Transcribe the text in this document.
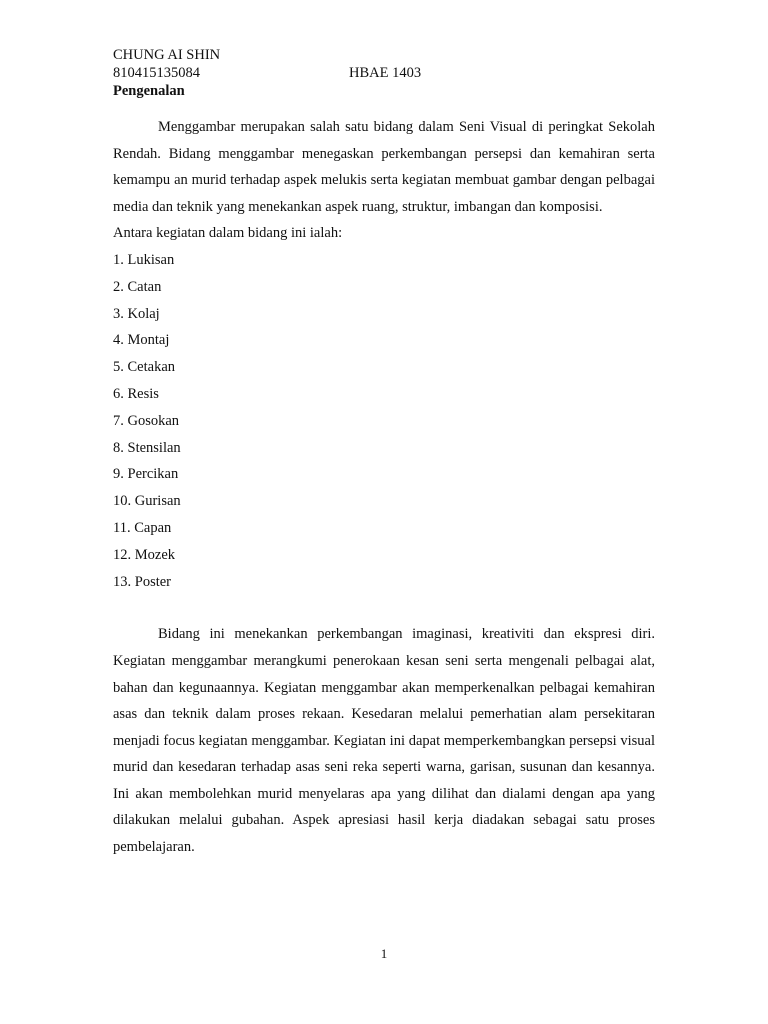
CHUNG AI SHIN
810415135084	HBAE 1403
Pengenalan

Menggambar merupakan salah satu bidang dalam Seni Visual di peringkat Sekolah Rendah. Bidang menggambar menegaskan perkembangan persepsi dan kemahiran serta kemampu an murid terhadap aspek melukis serta kegiatan membuat gambar dengan pelbagai media dan teknik yang menekankan aspek ruang, struktur, imbangan dan komposisi.

Antara kegiatan dalam bidang ini ialah:
1. Lukisan
2. Catan
3. Kolaj
4. Montaj
5. Cetakan
6. Resis
7. Gosokan
8. Stensilan
9. Percikan
10. Gurisan
11. Capan
12. Mozek
13. Poster

Bidang ini menekankan perkembangan imaginasi, kreativiti dan ekspresi diri. Kegiatan menggambar merangkumi penerokaan kesan seni serta mengenali pelbagai alat, bahan dan kegunaannya. Kegiatan menggambar akan memperkenalkan pelbagai kemahiran asas dan teknik dalam proses rekaan. Kesedaran melalui pemerhatian alam persekitaran menjadi focus kegiatan menggambar. Kegiatan ini dapat memperkembangkan persepsi visual murid dan kesedaran terhadap asas seni reka seperti warna, garisan, susunan dan kesannya. Ini akan membolehkan murid menyelaras apa yang dilihat dan dialami dengan apa yang dilakukan melalui gubahan. Aspek apresiasi hasil kerja diadakan sebagai satu proses pembelajaran.

1
